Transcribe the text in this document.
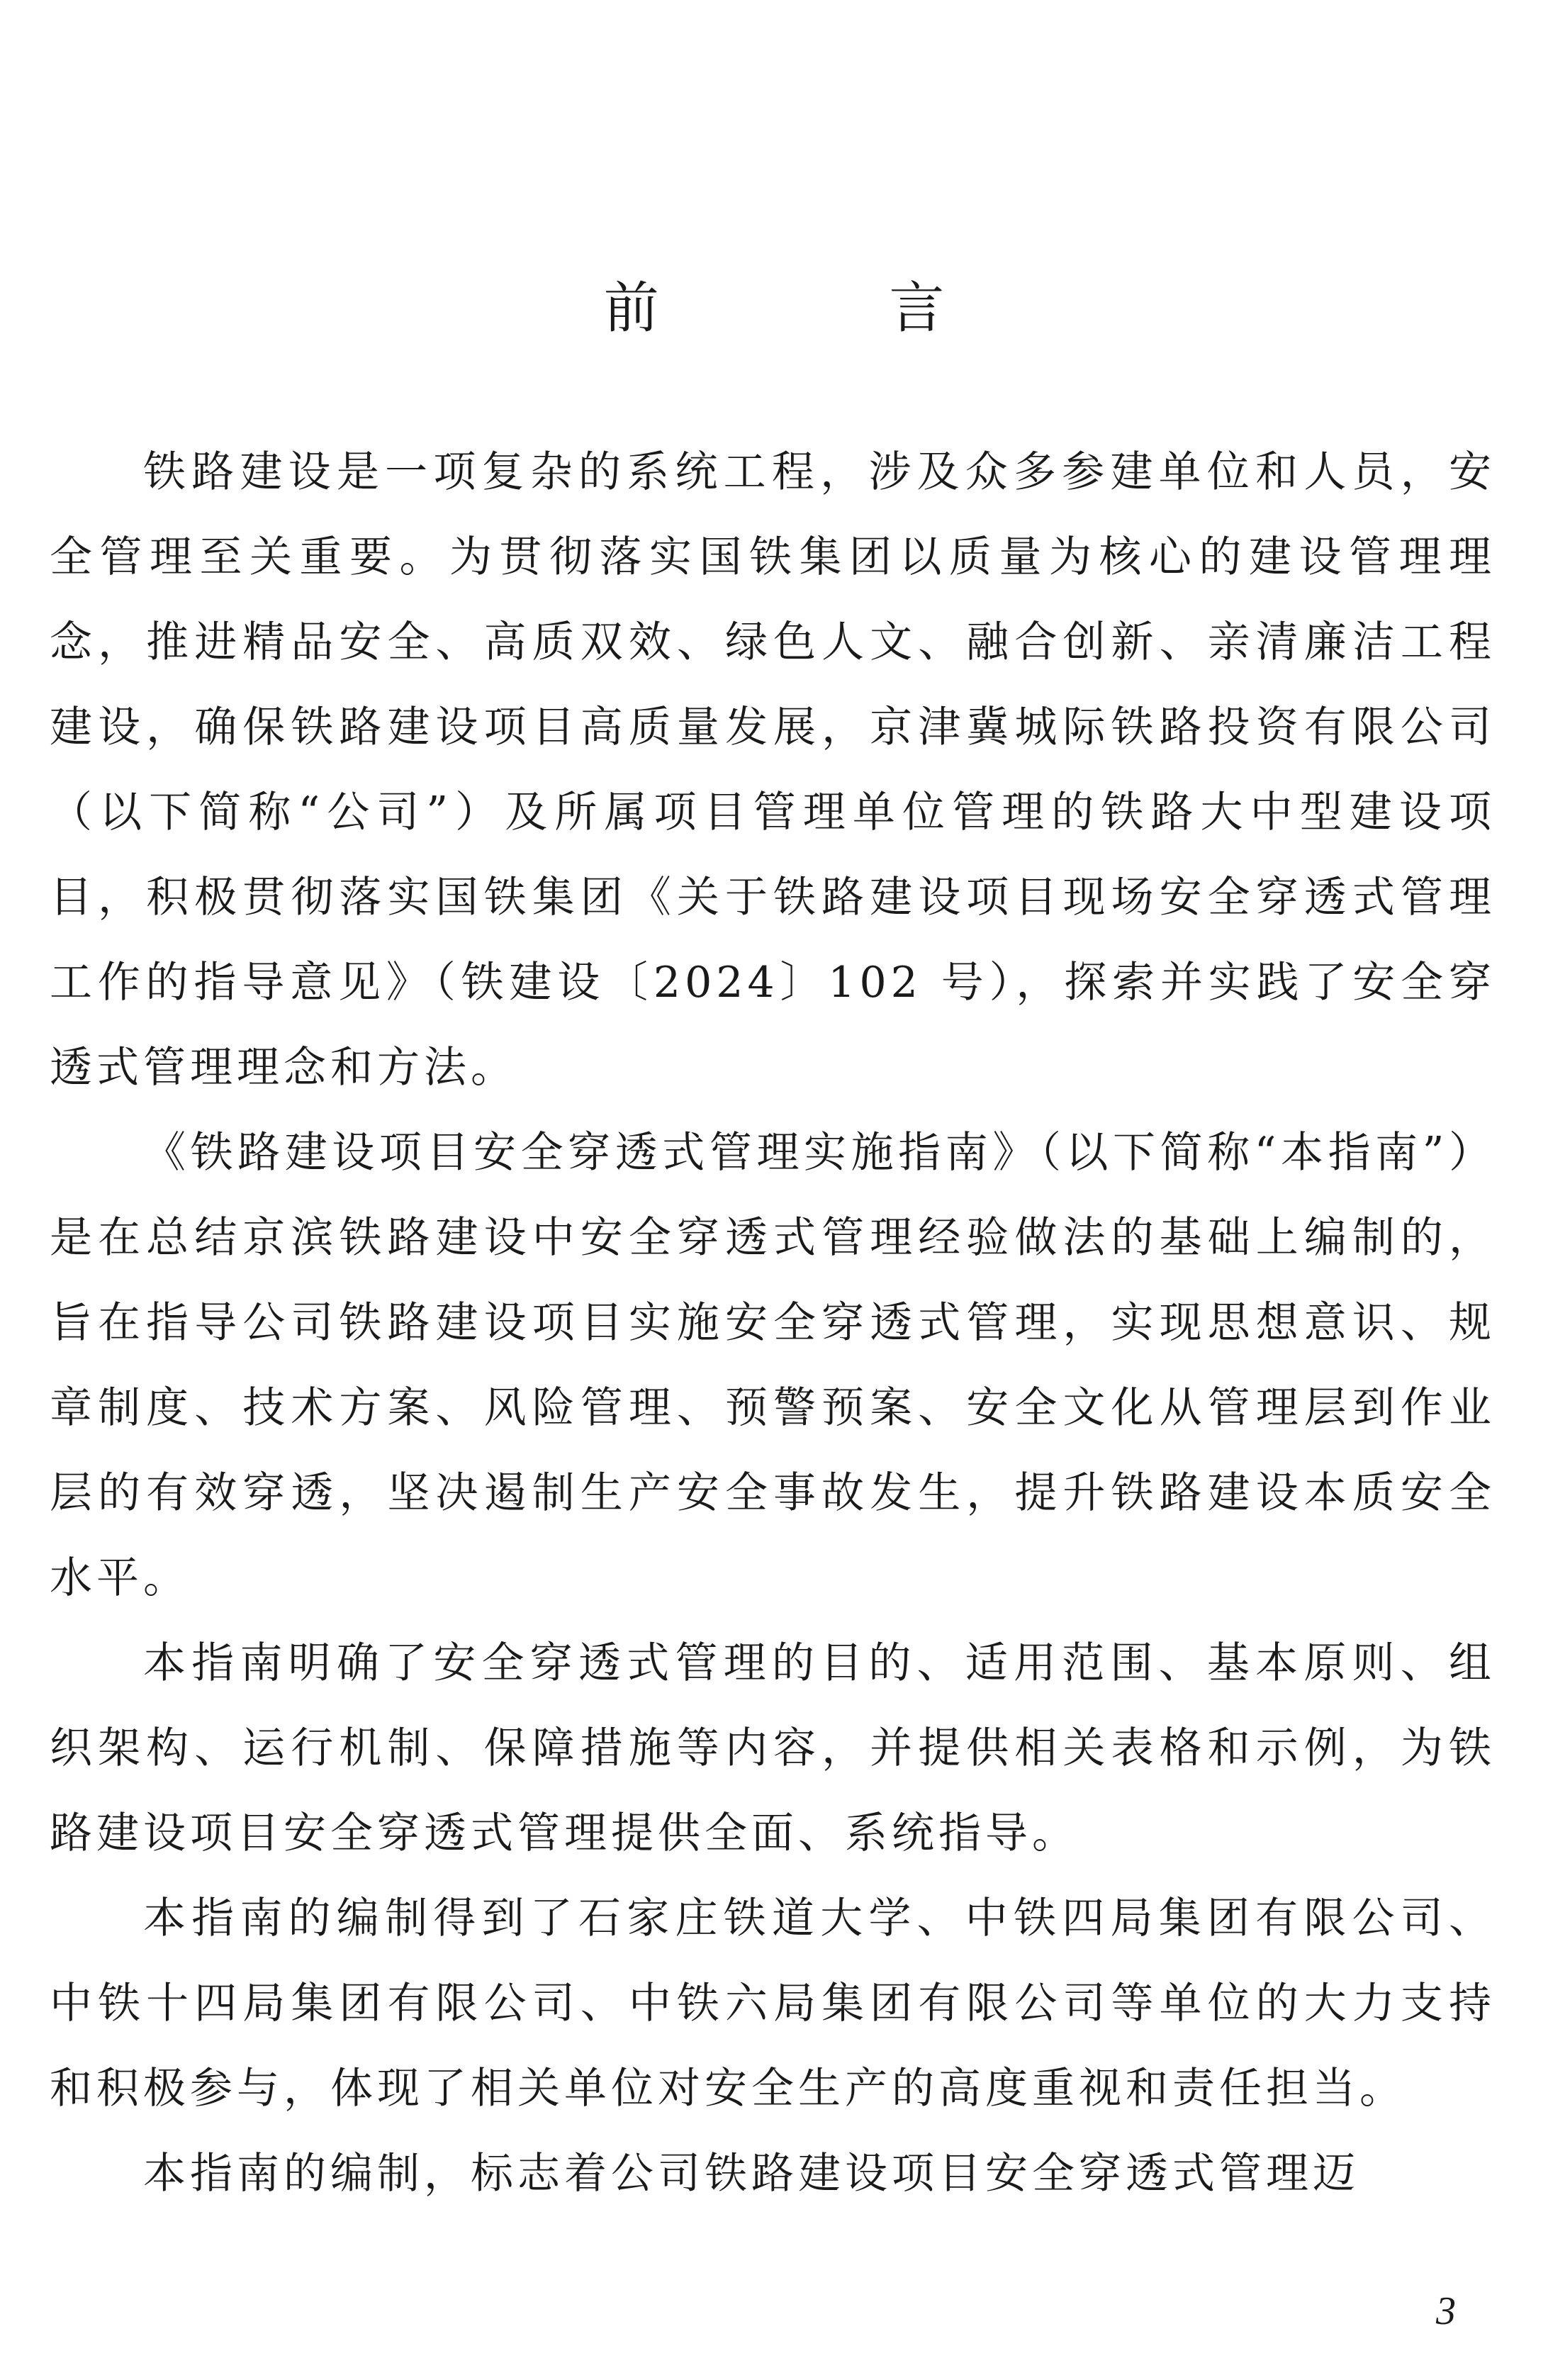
前 言

铁路建设是一项复杂的系统工程，涉及众多参建单位和人员，安全管理至关重要。为贯彻落实国铁集团以质量为核心的建设管理理念，推进精品安全、高质双效、绿色人文、融合创新、亲清廉洁工程建设，确保铁路建设项目高质量发展，京津冀城际铁路投资有限公司（以下简称“公司”）及所属项目管理单位管理的铁路大中型建设项目，积极贯彻落实国铁集团《关于铁路建设项目现场安全穿透式管理工作的指导意见》（铁建设〔2024〕102 号），探索并实践了安全穿透式管理理念和方法。

《铁路建设项目安全穿透式管理实施指南》（以下简称“本指南”）是在总结京滨铁路建设中安全穿透式管理经验做法的基础上编制的，旨在指导公司铁路建设项目实施安全穿透式管理，实现思想意识、规章制度、技术方案、风险管理、预警预案、安全文化从管理层到作业层的有效穿透，坚决遏制生产安全事故发生，提升铁路建设本质安全水平。

本指南明确了安全穿透式管理的目的、适用范围、基本原则、组织架构、运行机制、保障措施等内容，并提供相关表格和示例，为铁路建设项目安全穿透式管理提供全面、系统指导。

本指南的编制得到了石家庄铁道大学、中铁四局集团有限公司、中铁十四局集团有限公司、中铁六局集团有限公司等单位的大力支持和积极参与，体现了相关单位对安全生产的高度重视和责任担当。

本指南的编制，标志着公司铁路建设项目安全穿透式管理迈

3
